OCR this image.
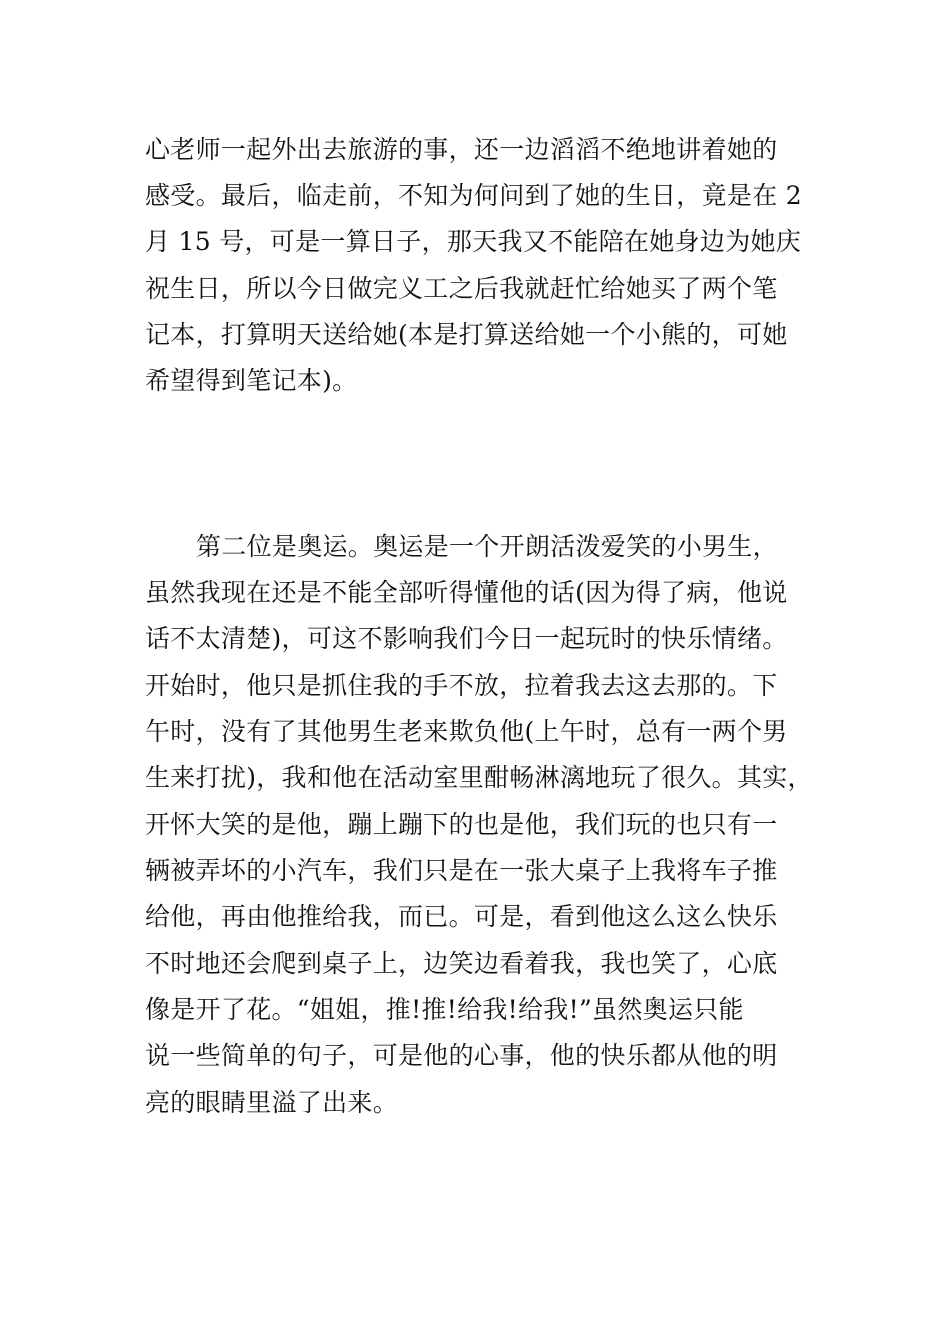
心老师一起外出去旅游的事，还一边滔滔不绝地讲着她的
感受。最后，临走前，不知为何问到了她的生日，竟是在 2
月 15 号，可是一算日子，那天我又不能陪在她身边为她庆
祝生日，所以今日做完义工之后我就赶忙给她买了两个笔
记本，打算明天送给她(本是打算送给她一个小熊的，可她
希望得到笔记本)。
第二位是奥运。奥运是一个开朗活泼爱笑的小男生，
虽然我现在还是不能全部听得懂他的话(因为得了病，他说
话不太清楚)，可这不影响我们今日一起玩时的快乐情绪。
开始时，他只是抓住我的手不放，拉着我去这去那的。下
午时，没有了其他男生老来欺负他(上午时，总有一两个男
生来打扰)，我和他在活动室里酣畅淋漓地玩了很久。其实，
开怀大笑的是他，蹦上蹦下的也是他，我们玩的也只有一
辆被弄坏的小汽车，我们只是在一张大桌子上我将车子推
给他，再由他推给我，而已。可是，看到他这么这么快乐
不时地还会爬到桌子上，边笑边看着我，我也笑了，心底
像是开了花。“姐姐，推!推!给我!给我!”虽然奥运只能
说一些简单的句子，可是他的心事，他的快乐都从他的明
亮的眼睛里溢了出来。
